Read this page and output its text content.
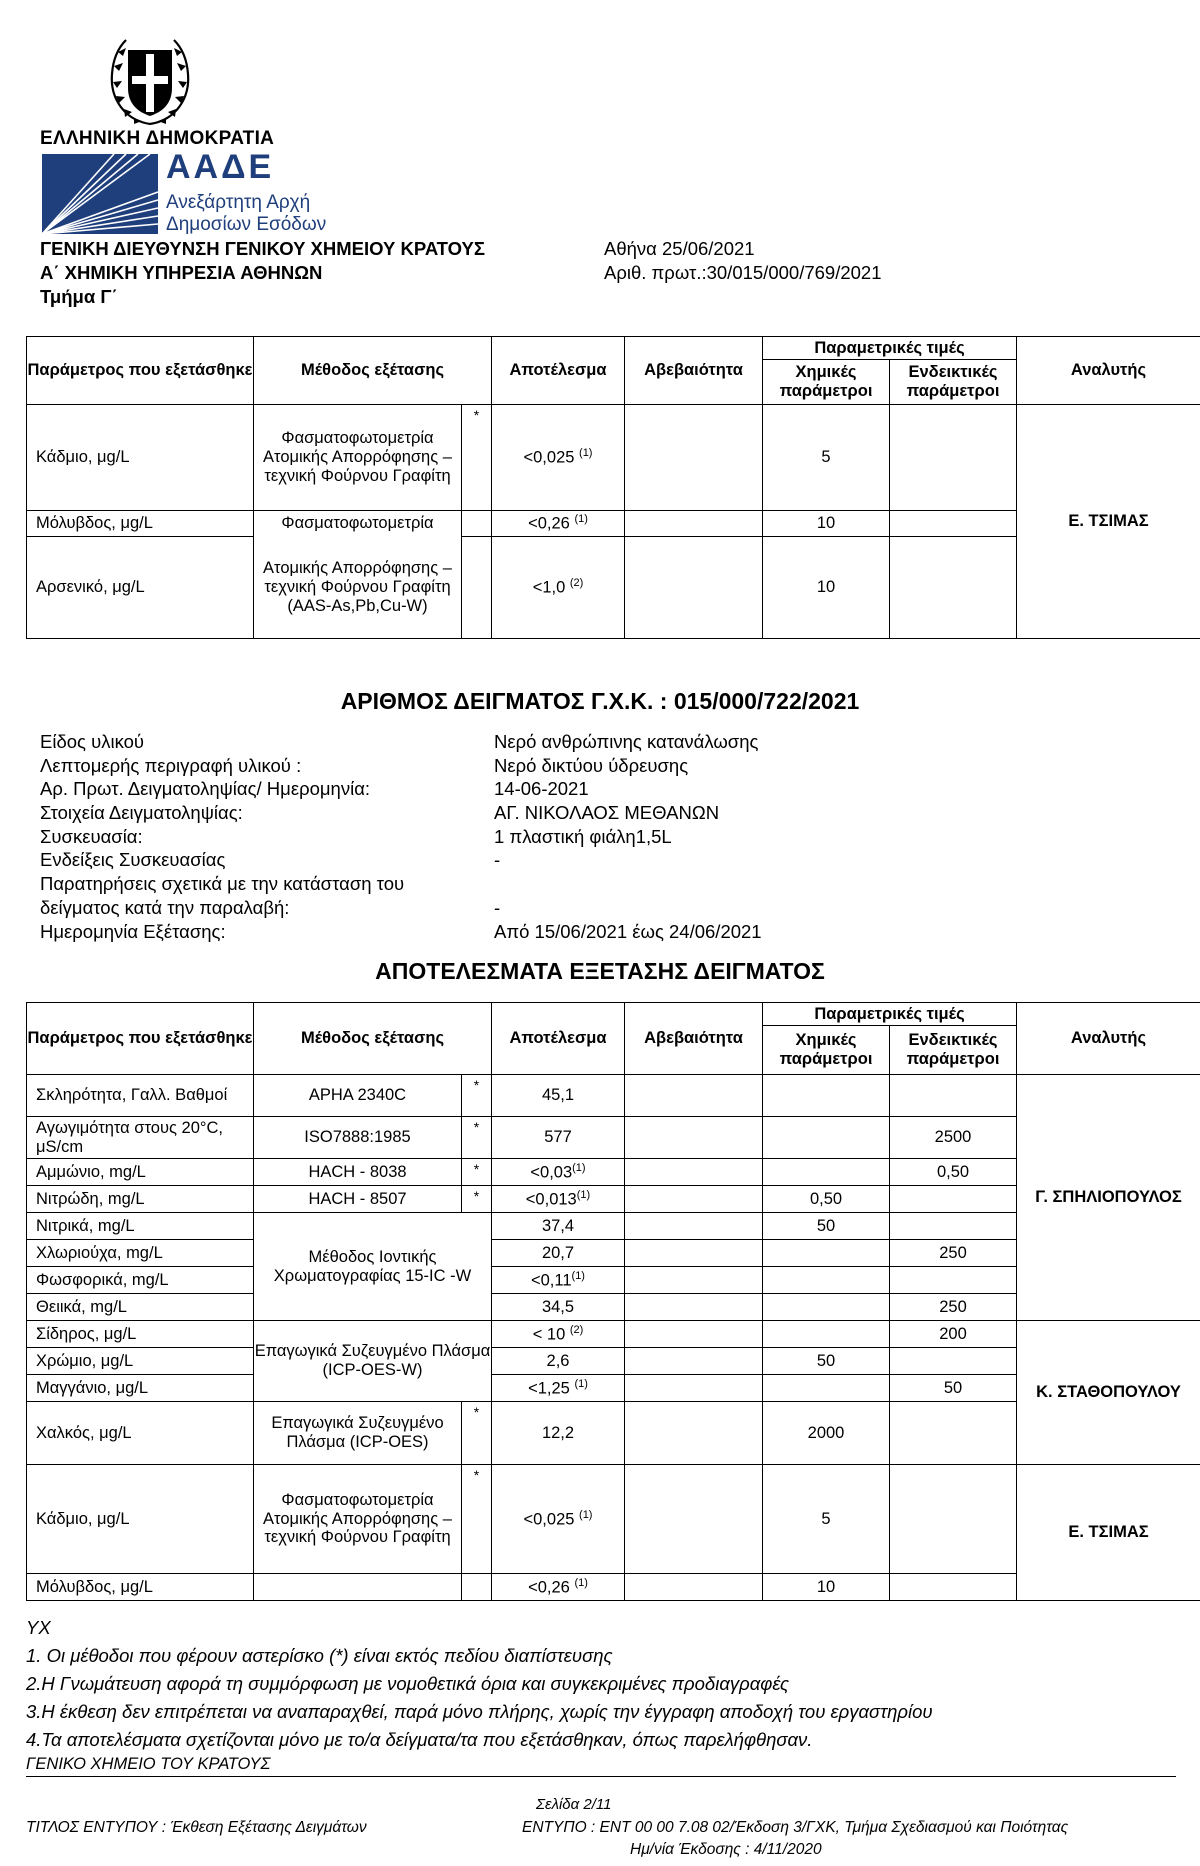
ΕΛΛΗΝΙΚΗ ΔΗΜΟΚΡΑΤΙΑ
ΑΑΔΕ
Ανεξάρτητη Αρχή
Δημοσίων Εσόδων
ΓΕΝΙΚΗ ΔΙΕΥΘΥΝΣΗ ΓΕΝΙΚΟΥ ΧΗΜΕΙΟΥ ΚΡΑΤΟΥΣ
Α΄ ΧΗΜΙΚΗ ΥΠΗΡΕΣΙΑ ΑΘΗΝΩΝ
Τμήμα Γ΄
Αθήνα 25/06/2021
Αριθ. πρωτ.:30/015/000/769/2021
Παράμετρος που εξετάσθηκε	Μέθοδος εξέτασης		Αποτέλεσμα	Αβεβαιότητα	Παραμετρικές τιμές		Αναλυτής
					Χημικές παράμετροι	Ενδεικτικές παράμετροι	
Κάδμιο, μg/L	Φασματοφωτομετρία Ατομικής Απορρόφησης – τεχνική Φούρνου Γραφίτη	*	<0,025 $^{(1)}$		5		Ε. ΤΣΙΜΑΣ
Μόλυβδος, μg/L	Φασματοφωτομετρία		<0,26 $^{(1)}$		10		
Αρσενικό, μg/L	Ατομικής Απορρόφησης – τεχνική Φούρνου Γραφίτη (AAS-As,Pb,Cu-W)		<1,0 $^{(2)}$		10		
ΑΡΙΘΜΟΣ ΔΕΙΓΜΑΤΟΣ Γ.Χ.Κ. : 015/000/722/2021
Είδος υλικού	Νερό ανθρώπινης κατανάλωσης
Λεπτομερής περιγραφή υλικού :	Νερό δικτύου ύδρευσης
Αρ. Πρωτ. Δειγματοληψίας/ Ημερομηνία:	14-06-2021
Στοιχεία Δειγματοληψίας:	ΑΓ. ΝΙΚΟΛΑΟΣ ΜΕΘΑΝΩΝ
Συσκευασία:	1 πλαστική φιάλη1,5L
Ενδείξεις Συσκευασίας	-
Παρατηρήσεις σχετικά με την κατάσταση του
δείγματος κατά την παραλαβή:	-
Ημερομηνία Εξέτασης:	Από 15/06/2021 έως 24/06/2021
ΑΠΟΤΕΛΕΣΜΑΤΑ ΕΞΕΤΑΣΗΣ ΔΕΙΓΜΑΤΟΣ
Παράμετρος που εξετάσθηκε	Μέθοδος εξέτασης		Αποτέλεσμα	Αβεβαιότητα	Παραμετρικές τιμές		Αναλυτής
					Χημικές παράμετροι	Ενδεικτικές παράμετροι	
Σκληρότητα, Γαλλ. Βαθμοί	APHA 2340C	*	45,1				Γ. ΣΠΗΛΙΟΠΟΥΛΟΣ
Αγωγιμότητα στους 20°C, μS/cm	ISO7888:1985	*	577			2500	
Αμμώνιο, mg/L	HACH - 8038	*	$<0,03^{(1)}$			0,50	
Νιτρώδη, mg/L	HACH - 8507	*	$<0,013^{(1)}$		0,50		
Νιτρικά, mg/L	Μέθοδος Ιοντικής Χρωματογραφίας 15-IC -W		37,4		50		
Χλωριούχα, mg/L			20,7			250	
Φωσφορικά, mg/L			$<0,11^{(1)}$			
Θειικά, mg/L			34,5			250	
Σίδηρος, μg/L	Επαγωγικά Συζευγμένο Πλάσμα (ICP-OES-W)		< 10 $^{(2)}$			200	Κ. ΣΤΑΘΟΠΟΥΛΟΥ
Χρώμιο, μg/L			2,6		50		
Μαγγάνιο, μg/L			<1,25 $^{(1)}$			50	
Χαλκός, μg/L	Επαγωγικά Συζευγμένο Πλάσμα (ICP-OES)	*	12,2		2000		
Κάδμιο, μg/L	Φασματοφωτομετρία Ατομικής Απορρόφησης – τεχνική Φούρνου Γραφίτη	*	<0,025 $^{(1)}$		5		Ε. ΤΣΙΜΑΣ
Μόλυβδος, μg/L			<0,26 $^{(1)}$		10		
ΥΧ
1. Οι μέθοδοι που φέρουν αστερίσκο (*) είναι εκτός πεδίου διαπίστευσης
2.Η Γνωμάτευση αφορά τη συμμόρφωση με νομοθετικά όρια και συγκεκριμένες προδιαγραφές
3.Η έκθεση δεν επιτρέπεται να αναπαραχθεί, παρά μόνο πλήρης, χωρίς την έγγραφη αποδοχή του εργαστηρίου
4.Τα αποτελέσματα σχετίζονται μόνο με το/α δείγματα/τα που εξετάσθηκαν, όπως παρελήφθησαν.
ΓΕΝΙΚΟ ΧΗΜΕΙΟ ΤΟΥ ΚΡΑΤΟΥΣ
Σελίδα 2/11
ΤΙΤΛΟΣ ΕΝΤΥΠΟΥ : Έκθεση Εξέτασης Δειγμάτων	ΕΝΤΥΠΟ : ΕΝΤ 00 00 7.08 02/Έκδοση 3/ΓΧΚ, Τμήμα Σχεδιασμού και Ποιότητας
Ημ/νία Έκδοσης : 4/11/2020
